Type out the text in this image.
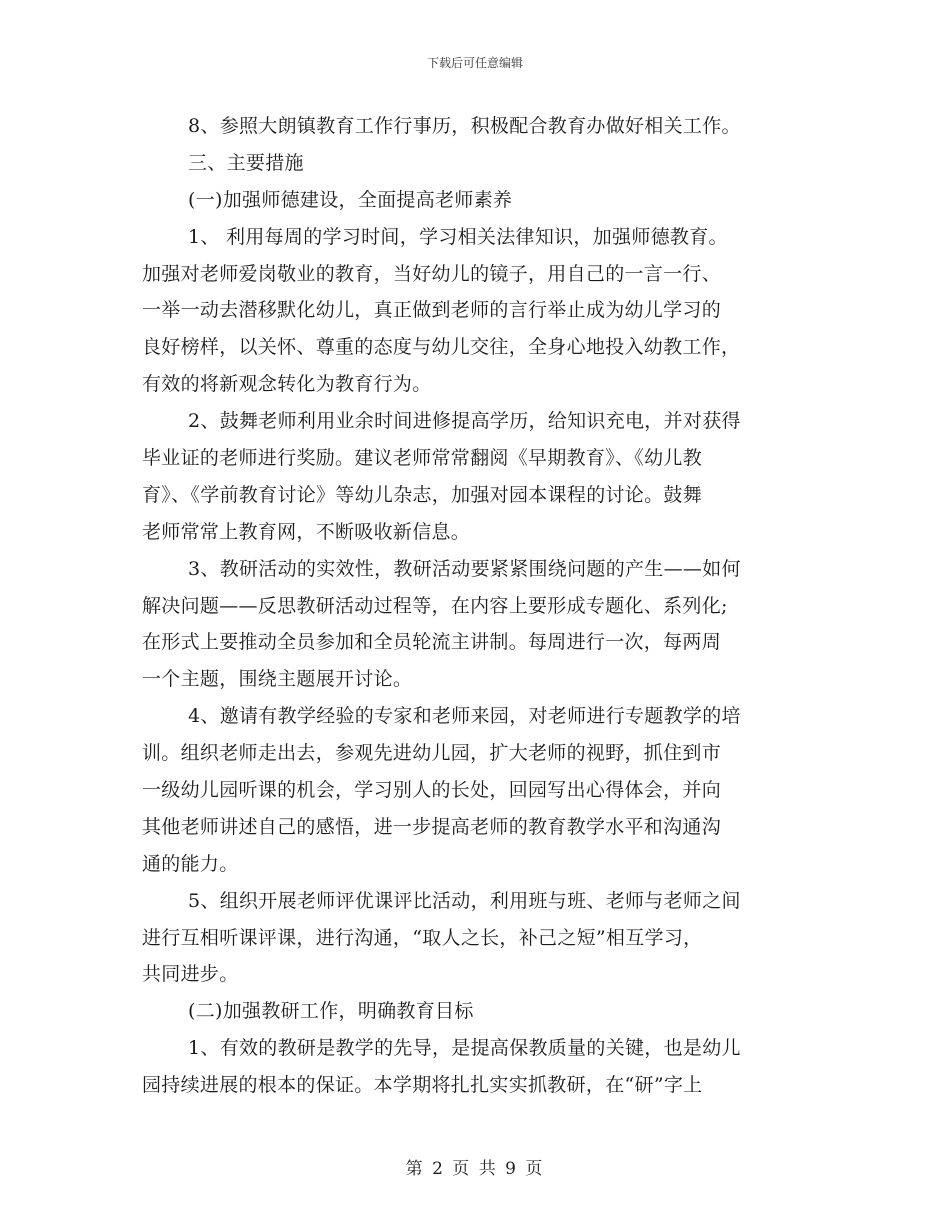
下载后可任意编辑
8、参照大朗镇教育工作行事历，积极配合教育办做好相关工作。
三、主要措施
(一)加强师德建设，全面提高老师素养
1、 利用每周的学习时间，学习相关法律知识，加强师德教育。
加强对老师爱岗敬业的教育，当好幼儿的镜子，用自己的一言一行、
一举一动去潜移默化幼儿，真正做到老师的言行举止成为幼儿学习的
良好榜样，以关怀、尊重的态度与幼儿交往，全身心地投入幼教工作，
有效的将新观念转化为教育行为。
2、鼓舞老师利用业余时间进修提高学历，给知识充电，并对获得
毕业证的老师进行奖励。建议老师常常翻阅《早期教育》、《幼儿教
育》、《学前教育讨论》等幼儿杂志，加强对园本课程的讨论。鼓舞
老师常常上教育网，不断吸收新信息。
3、教研活动的实效性，教研活动要紧紧围绕问题的产生——如何
解决问题——反思教研活动过程等，在内容上要形成专题化、系列化;
在形式上要推动全员参加和全员轮流主讲制。每周进行一次，每两周
一个主题，围绕主题展开讨论。
4、邀请有教学经验的专家和老师来园，对老师进行专题教学的培
训。组织老师走出去，参观先进幼儿园，扩大老师的视野，抓住到市
一级幼儿园听课的机会，学习别人的长处，回园写出心得体会，并向
其他老师讲述自己的感悟，进一步提高老师的教育教学水平和沟通沟
通的能力。
5、组织开展老师评优课评比活动，利用班与班、老师与老师之间
进行互相听课评课，进行沟通，“取人之长，补己之短”相互学习，
共同进步。
(二)加强教研工作，明确教育目标
1、有效的教研是教学的先导，是提高保教质量的关键，也是幼儿
园持续进展的根本的保证。本学期将扎扎实实抓教研，在“研”字上
第 2 页 共 9 页
